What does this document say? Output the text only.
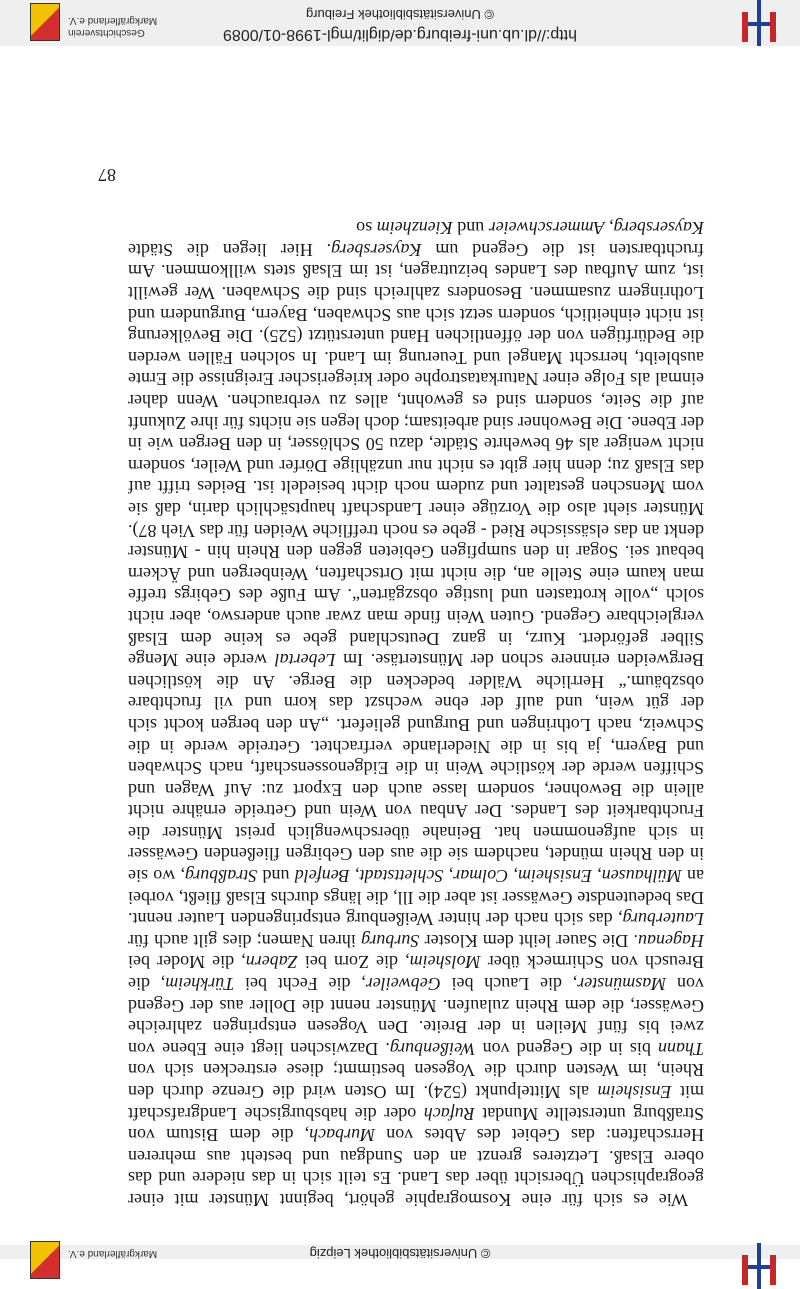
© Universitätsbibliothek Leipzig
Markgräflerland e.V.

Wie es sich für eine Kosmographie gehört, beginnt Münster mit einer geographischen Übersicht über das Land. Es teilt sich in das niedere und das obere Elsaß. Letzteres grenzt an den Sundgau und besteht aus mehreren Herrschaften: das Gebiet des Abtes von Murbach, die dem Bistum von Straßburg unterstellte Mundat Rufach oder die habsburgische Landgrafschaft mit Ensisheim als Mittelpunkt (524). Im Osten wird die Grenze durch den Rhein, im Westen durch die Vogesen bestimmt; diese erstrecken sich von Thann bis in die Gegend von Weißenburg. Dazwischen liegt eine Ebene von zwei bis fünf Meilen in der Breite. Den Vogesen entspringen zahlreiche Gewässer, die dem Rhein zulaufen. Münster nennt die Doller aus der Gegend von Masmünster, die Lauch bei Gebweiler, die Fecht bei Türkheim, die Breusch von Schirmeck über Molsheim, die Zorn bei Zabern, die Moder bei Hagenau. Die Sauer leiht dem Kloster Surburg ihren Namen; dies gilt auch für Lauterburg, das sich nach der hinter Weißenburg entspringenden Lauter nennt. Das bedeutendste Gewässer ist aber die Ill, die längs durchs Elsaß fließt, vorbei an Mülhausen, Ensisheim, Colmar, Schlettstadt, Benfeld und Straßburg, wo sie in den Rhein mündet, nachdem sie die aus den Gebirgen fließenden Gewässer in sich aufgenommen hat. Beinahe überschwenglich preist Münster die Fruchtbarkeit des Landes. Der Anbau von Wein und Getreide ernähre nicht allein die Bewohner, sondern lasse auch den Export zu: Auf Wagen und Schiffen werde der köstliche Wein in die Eidgenossenschaft, nach Schwaben und Bayern, ja bis in die Niederlande verfrachtet. Getreide werde in die Schweiz, nach Lothringen und Burgund geliefert. „An den bergen kocht sich der güt wein, und aulf der ebne wechszt das korn und vil fruchtbare obszbäum.“ Herrliche Wälder bedecken die Berge. An die köstlichen Bergweiden erinnere schon der Münstertäse. Im Lebertal werde eine Menge Silber gefördert. Kurz, in ganz Deutschland gebe es keine dem Elsaß vergleichbare Gegend. Guten Wein finde man zwar auch anderswo, aber nicht solch „volle krottasten und lustige obszgärten“. Am Fuße des Gebirgs treffe man kaum eine Stelle an, die nicht mit Ortschaften, Weinbergen und Äckern bebaut sei. Sogar in den sumpfigen Gebieten gegen den Rhein hin - Münster denkt an das elsässische Ried - gebe es noch treffliche Weiden für das Vieh 87). Münster sieht also die Vorzüge einer Landschaft hauptsächlich darin, daß sie vom Menschen gestaltet und zudem noch dicht besiedelt ist. Beides trifft auf das Elsaß zu; denn hier gibt es nicht nur unzählige Dörfer und Weiler, sondern nicht weniger als 46 bewehrte Städte, dazu 50 Schlösser, in den Bergen wie in der Ebene. Die Bewohner sind arbeitsam; doch legen sie nichts für ihre Zukunft auf die Seite, sondern sind es gewohnt, alles zu verbrauchen. Wenn daher einmal als Folge einer Naturkatastrophe oder kriegerischer Ereignisse die Ernte ausbleibt, herrscht Mangel und Teuerung im Land. In solchen Fällen werden die Bedürftigen von der öffentlichen Hand unterstützt (525). Die Bevölkerung ist nicht einheitlich, sondern setzt sich aus Schwaben, Bayern, Burgundern und Lothringern zusammen. Besonders zahlreich sind die Schwaben. Wer gewillt ist, zum Aufbau des Landes beizutragen, ist im Elsaß stets willkommen. Am fruchtbarsten ist die Gegend um Kaysersberg. Hier liegen die Städte Kaysersberg, Ammerschweier und Kienzheim so

87
http://dl.ub.uni-freiburg.de/diglit/mgl-1998-01/0089
© Universitätsbibliothek Freiburg
Geschichtsverein Markgräflerland e.V.
